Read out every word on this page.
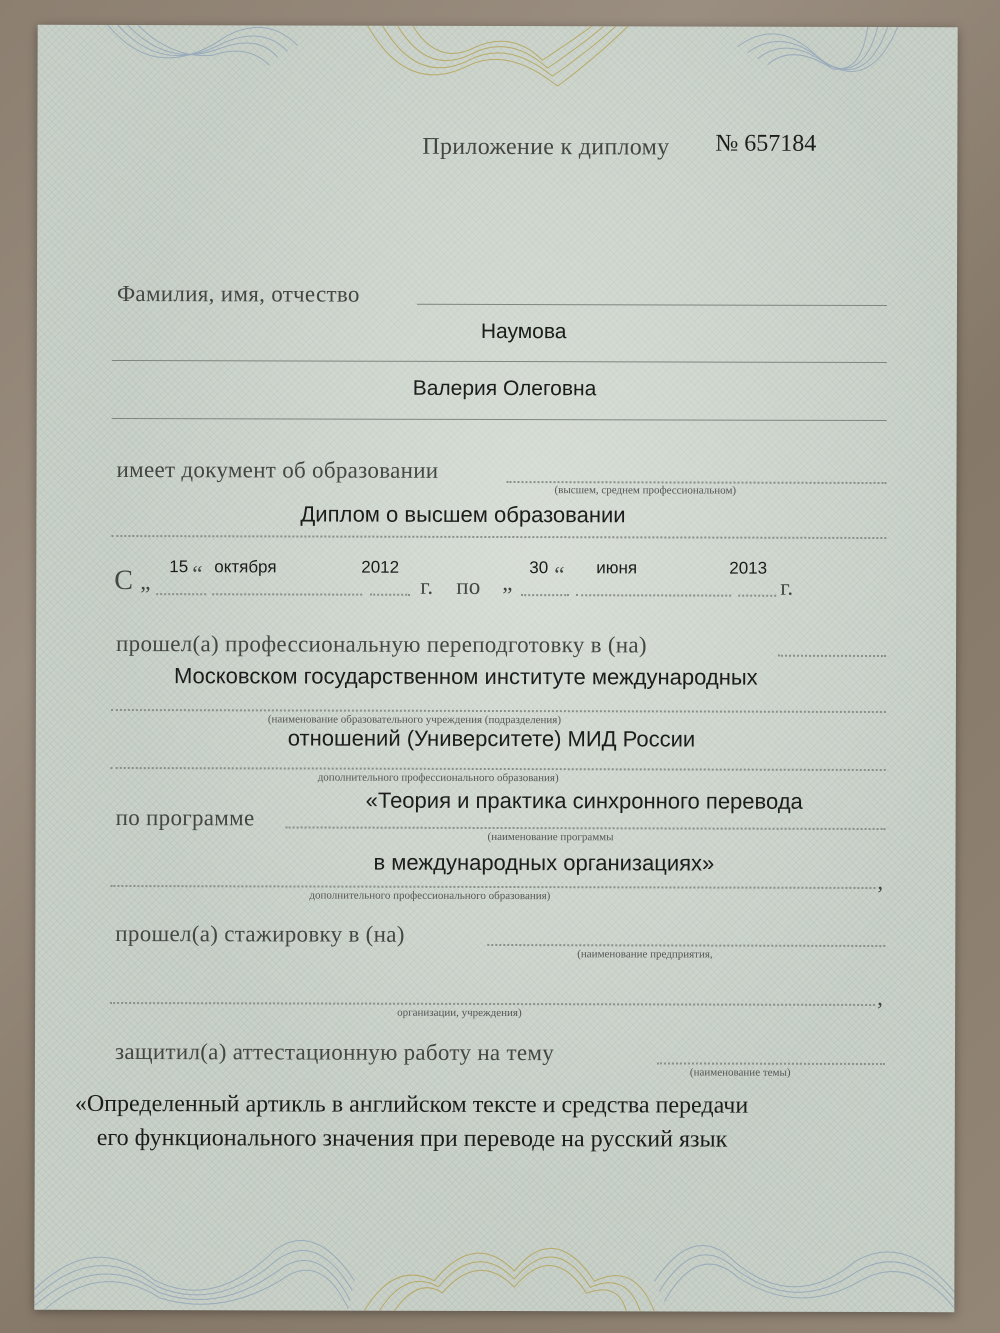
Приложение к диплому № 657184
Фамилия, имя, отчество
Наумова
Валерия Олеговна
имеет документ об образовании
(высшем, среднем профессиональном)
Диплом о высшем образовании
С „
15 “ октября	2012
г. по „
30 “ июня	2013
г.
прошел(а) профессиональную переподготовку в (на)
Московском государственном институте международных
(наименование образовательного учреждения (подразделения)
отношений (Университете) МИД России
дополнительного профессионального образования)
по программе
«Теория и практика синхронного перевода
(наименование программы
в международных организациях»
,
дополнительного профессионального образования)
прошел(а) стажировку в (на)
(наименование предприятия,
,
организации, учреждения)
защитил(а) аттестационную работу на тему
(наименование темы)
«Определенный артикль в английском тексте и средства передачи
его функционального значения при переводе на русский язык
